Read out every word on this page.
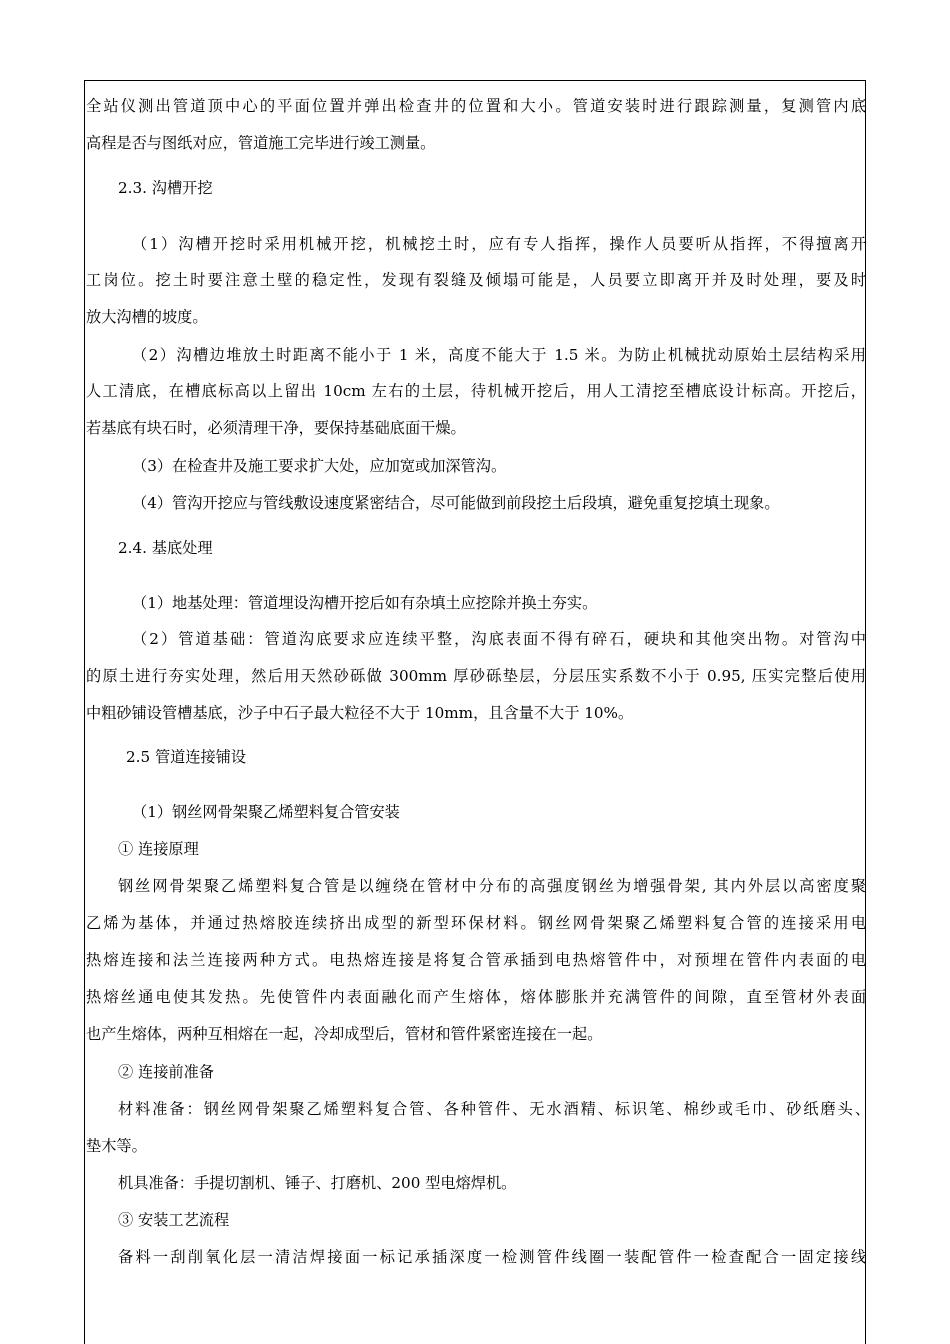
全站仪测出管道顶中心的平面位置并弹出检查井的位置和大小。管道安装时进行跟踪测量，复测管内底
高程是否与图纸对应，管道施工完毕进行竣工测量。
2.3. 沟槽开挖
（1）沟槽开挖时采用机械开挖，机械挖土时，应有专人指挥，操作人员要听从指挥，不得擅离开
工岗位。挖土时要注意土壁的稳定性，发现有裂缝及倾塌可能是，人员要立即离开并及时处理，要及时
放大沟槽的坡度。
（2）沟槽边堆放土时距离不能小于 1 米，高度不能大于 1.5 米。为防止机械扰动原始土层结构采用
人工清底，在槽底标高以上留出 10cm 左右的土层，待机械开挖后，用人工清挖至槽底设计标高。开挖后，
若基底有块石时，必须清理干净，要保持基础底面干燥。
（3）在检查井及施工要求扩大处，应加宽或加深管沟。
（4）管沟开挖应与管线敷设速度紧密结合，尽可能做到前段挖土后段填，避免重复挖填土现象。
2.4. 基底处理
（1）地基处理：管道埋设沟槽开挖后如有杂填土应挖除并换土夯实。
（2）管道基础：管道沟底要求应连续平整，沟底表面不得有碎石，硬块和其他突出物。对管沟中
的原土进行夯实处理，然后用天然砂砾做 300mm 厚砂砾垫层，分层压实系数不小于 0.95, 压实完整后使用
中粗砂铺设管槽基底，沙子中石子最大粒径不大于 10mm，且含量不大于 10%。
2.5 管道连接铺设
（1）钢丝网骨架聚乙烯塑料复合管安装
① 连接原理
钢丝网骨架聚乙烯塑料复合管是以缠绕在管材中分布的高强度钢丝为增强骨架, 其内外层以高密度聚
乙烯为基体，并通过热熔胶连续挤出成型的新型环保材料。钢丝网骨架聚乙烯塑料复合管的连接采用电
热熔连接和法兰连接两种方式。电热熔连接是将复合管承插到电热熔管件中，对预埋在管件内表面的电
热熔丝通电使其发热。先使管件内表面融化而产生熔体，熔体膨胀并充满管件的间隙，直至管材外表面
也产生熔体，两种互相熔在一起，冷却成型后，管材和管件紧密连接在一起。
② 连接前准备
材料准备：钢丝网骨架聚乙烯塑料复合管、各种管件、无水酒精、标识笔、棉纱或毛巾、砂纸磨头、
垫木等。
机具准备：手提切割机、锤子、打磨机、200 型电熔焊机。
③ 安装工艺流程
备料一刮削氧化层一清洁焊接面一标记承插深度一检测管件线圈一装配管件一检查配合一固定接线
